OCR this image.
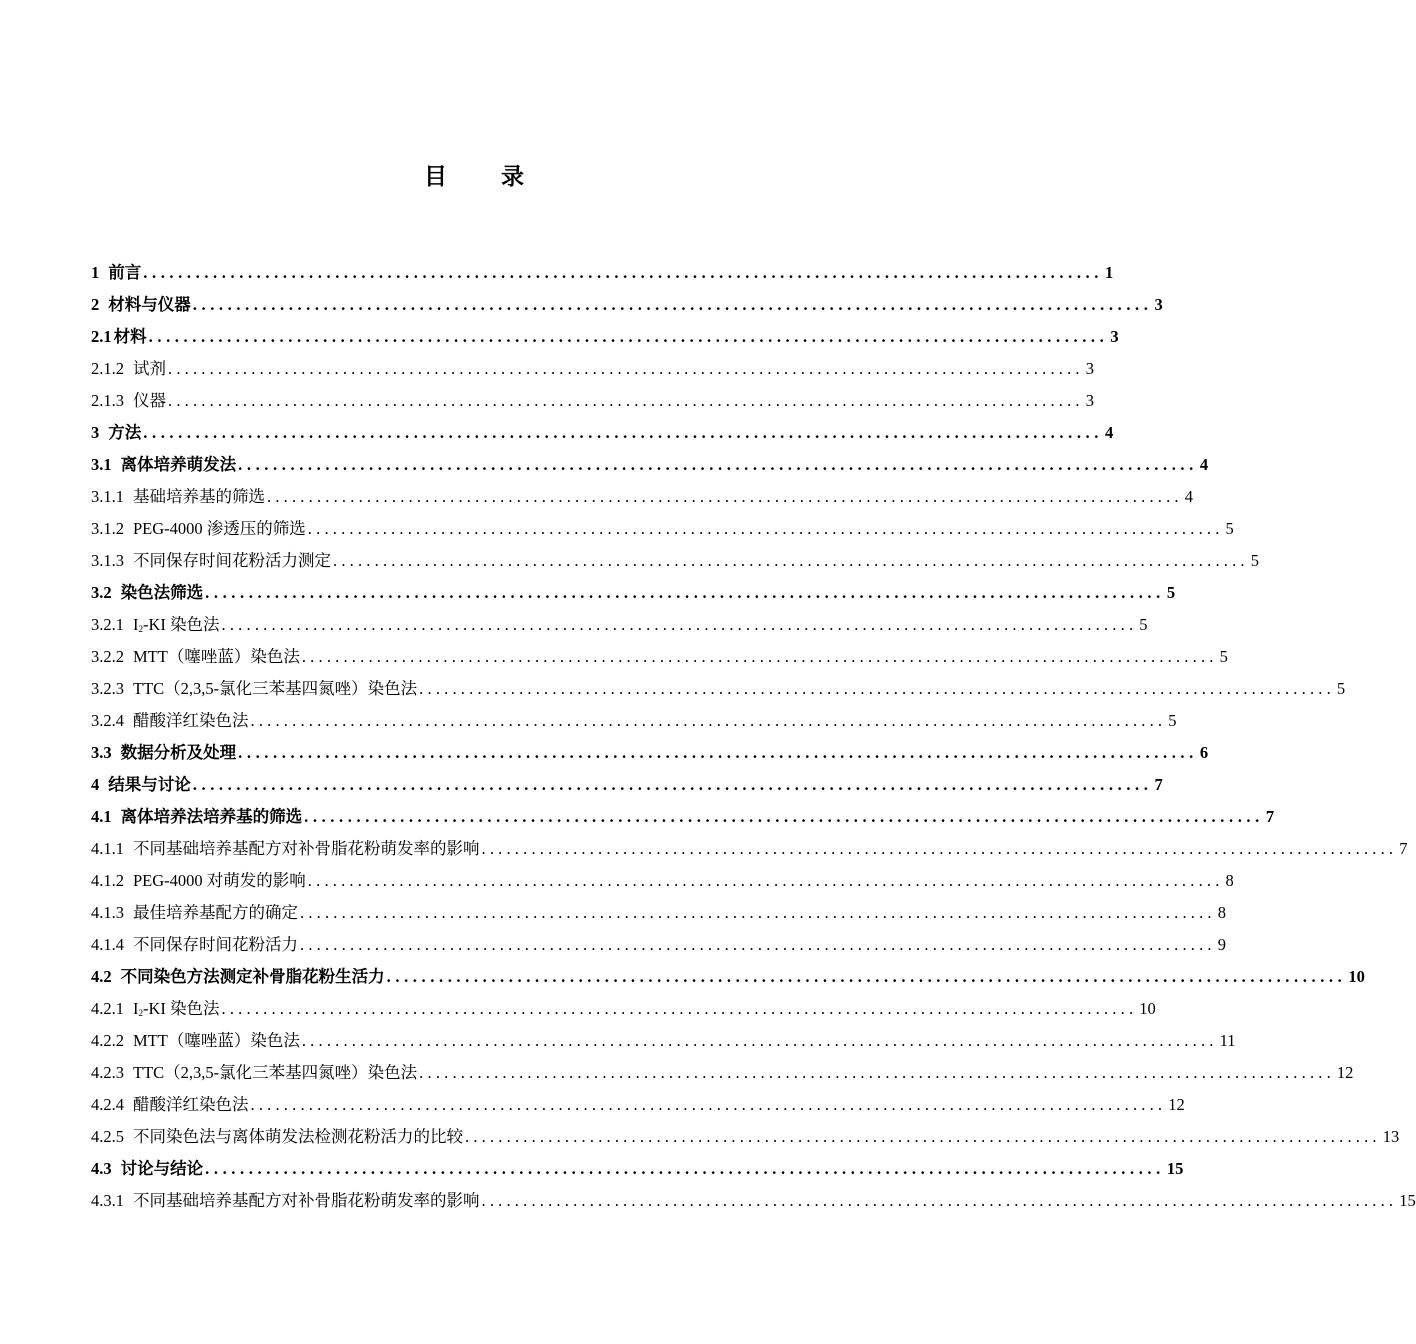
目 录
1 前言 .............................................................................................................. 1
2 材料与仪器 .............................................................................................................. 3
2.1 材料 .............................................................................................................. 3
2.1.2 试剂 .............................................................................................................. 3
2.1.3 仪器 .............................................................................................................. 3
3 方法 .............................................................................................................. 4
3.1 离体培养萌发法 .............................................................................................................. 4
3.1.1 基础培养基的筛选 .............................................................................................................. 4
3.1.2 PEG-4000 渗透压的筛选 .............................................................................................................. 5
3.1.3 不同保存时间花粉活力测定 .............................................................................................................. 5
3.2 染色法筛选 .............................................................................................................. 5
3.2.1 $I_2-KI$ 染色法 .............................................................................................................. 5
3.2.2 MTT（噻唑蓝）染色法 .............................................................................................................. 5
3.2.3 TTC（2,3,5-氯化三苯基四氮唑）染色法 .............................................................................................................. 5
3.2.4 醋酸洋红染色法 .............................................................................................................. 5
3.3 数据分析及处理 .............................................................................................................. 6
4 结果与讨论 .............................................................................................................. 7
4.1 离体培养法培养基的筛选 .............................................................................................................. 7
4.1.1 不同基础培养基配方对补骨脂花粉萌发率的影响 .............................................................................................................. 7
4.1.2 PEG-4000 对萌发的影响 .............................................................................................................. 8
4.1.3 最佳培养基配方的确定 .............................................................................................................. 8
4.1.4 不同保存时间花粉活力 .............................................................................................................. 9
4.2 不同染色方法测定补骨脂花粉生活力 .............................................................................................................. 10
4.2.1 $I_2-KI$ 染色法 .............................................................................................................. 10
4.2.2 MTT（噻唑蓝）染色法 .............................................................................................................. 11
4.2.3 TTC（2,3,5-氯化三苯基四氮唑）染色法 .............................................................................................................. 12
4.2.4 醋酸洋红染色法 .............................................................................................................. 12
4.2.5 不同染色法与离体萌发法检测花粉活力的比较 .............................................................................................................. 13
4.3 讨论与结论 .............................................................................................................. 15
4.3.1 不同基础培养基配方对补骨脂花粉萌发率的影响 .............................................................................................................. 15
